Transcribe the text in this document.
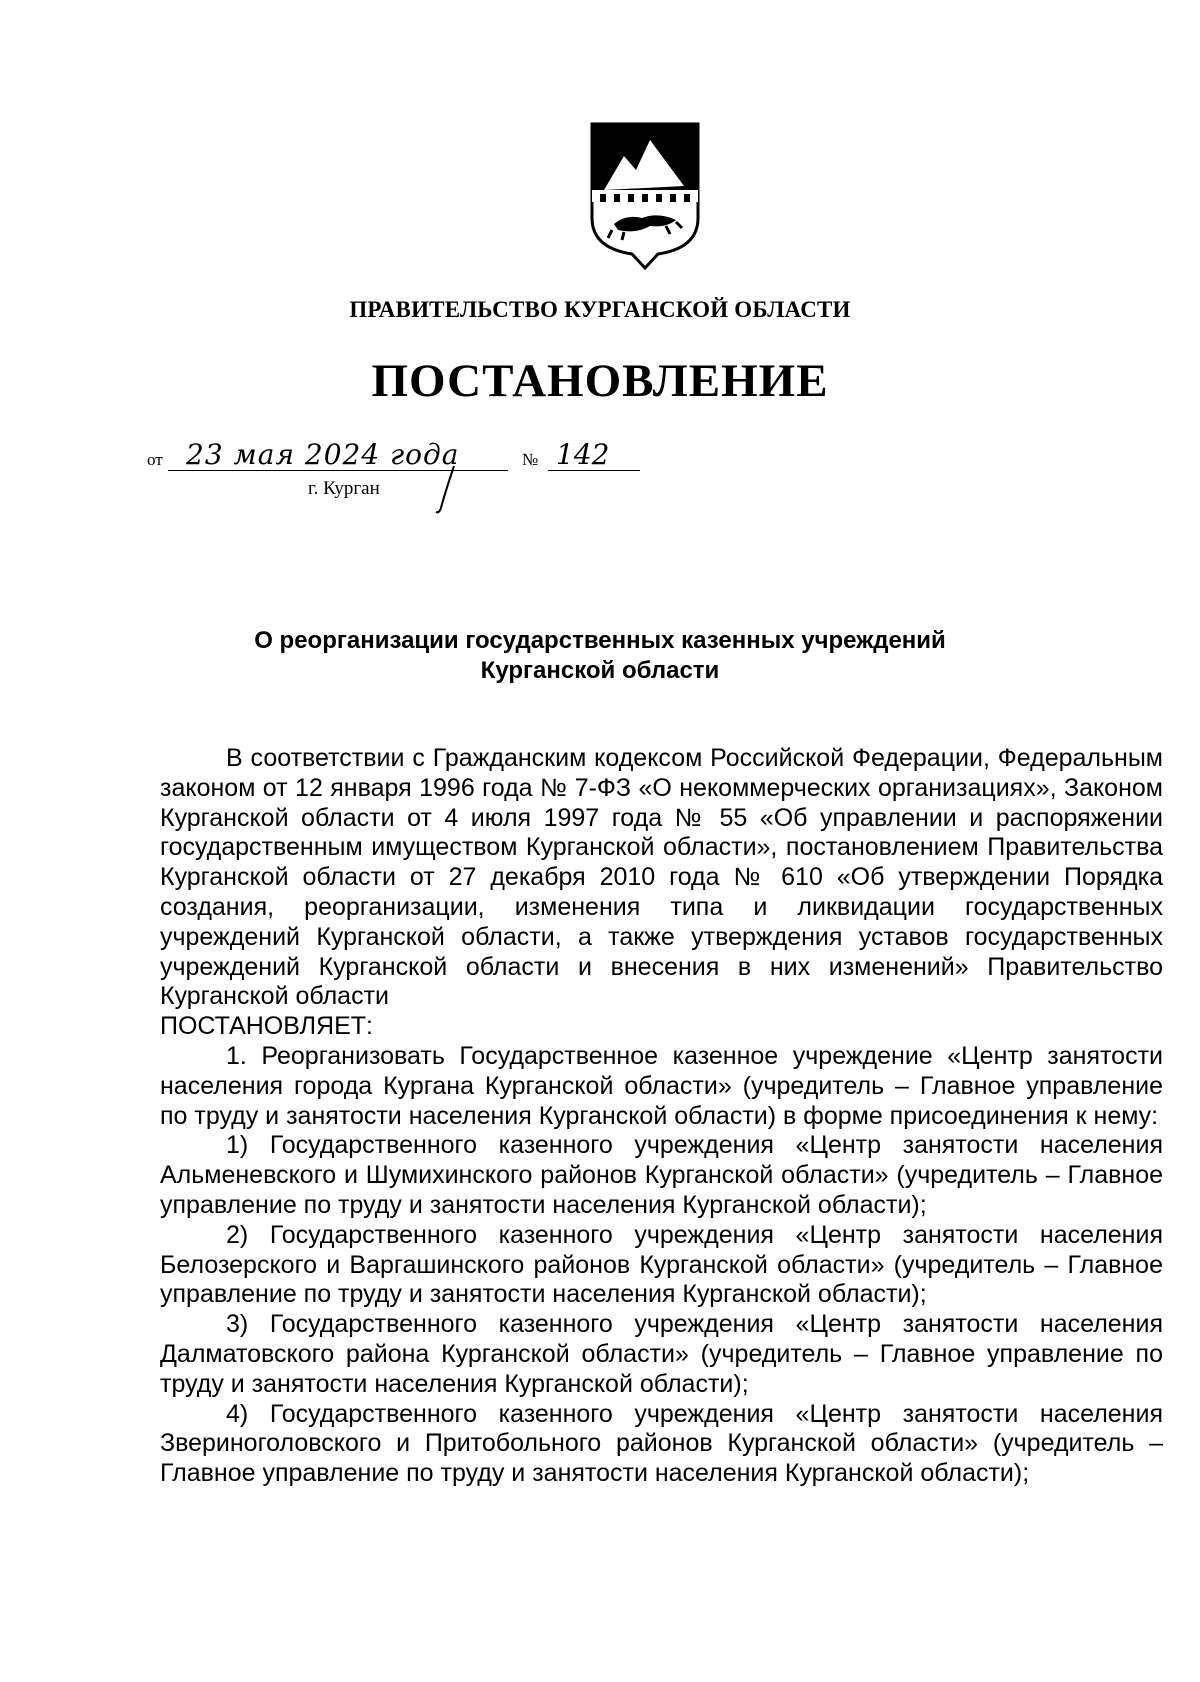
ПРАВИТЕЛЬСТВО КУРГАНСКОЙ ОБЛАСТИ
ПОСТАНОВЛЕНИЕ
от 23 мая 2024 года	№ 142
г. Курган
О реорганизации государственных казенных учреждений
Курганской области

В соответствии с Гражданским кодексом Российской Федерации, Федеральным законом от 12 января 1996 года № 7-ФЗ «О некоммерческих организациях», Законом Курганской области от 4 июля 1997 года № 55 «Об управлении и распоряжении государственным имуществом Курганской области», постановлением Правительства Курганской области от 27 декабря 2010 года № 610 «Об утверждении Порядка создания, реорганизации, изменения типа и ликвидации государственных учреждений Курганской области, а также утверждения уставов государственных учреждений Курганской области и внесения в них изменений» Правительство Курганской области

ПОСТАНОВЛЯЕТ:

1. Реорганизовать Государственное казенное учреждение «Центр занятости населения города Кургана Курганской области» (учредитель – Главное управление по труду и занятости населения Курганской области) в форме присоединения к нему:

1) Государственного казенного учреждения «Центр занятости населения Альменевского и Шумихинского районов Курганской области» (учредитель – Главное управление по труду и занятости населения Курганской области);

2) Государственного казенного учреждения «Центр занятости населения Белозерского и Варгашинского районов Курганской области» (учредитель – Главное управление по труду и занятости населения Курганской области);

3) Государственного казенного учреждения «Центр занятости населения Далматовского района Курганской области» (учредитель – Главное управление по труду и занятости населения Курганской области);

4) Государственного казенного учреждения «Центр занятости населения Звериноголовского и Притобольного районов Курганской области» (учредитель – Главное управление по труду и занятости населения Курганской области);
